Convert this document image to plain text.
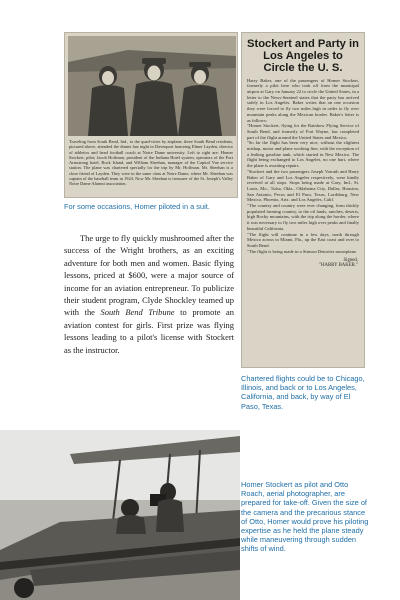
Traveling from South Bend, Ind., to the quad-cities by airplane, three South Bend residents, pictured above, attended the dinner last night in Davenport honoring Elmer Layden, director of athletics and head football coach at Notre Dame university. Left to right are: Homer Stockert, pilot; Jacob Hoffman, president of the Indiana Hotel system, operators of the Fort Armstrong hotel, Rock Island, and William Sheehan, manager of the Capitol Vue service station. The plane was chartered specially for the trip by Mr. Hoffman. Mr. Sheehan is a close friend of Layden. They were in the same class at Notre Dame, where Mr. Sheehan was captain of the baseball team in 1924. Now Mr. Sheehan is treasurer of the St. Joseph's Valley Notre Dame Alumni association.
Stockert and Party in Los Angeles to Circle the U. S.
Harry Baker, one of the passengers of Homer Stockert, formerly a pilot here who took off from the municipal airport at Gary on January 22 to circle the United States, in a letter to the News-Sentinel states that the party has arrived safely in Los Angeles. Baker writes that on one occasion they were forced to fly two miles high in order to fly over mountain peaks along the Mexican border. Baker's letter is as follows:
"Homer Stockert, flying for the Rainbow Flying Service of South Bend, and formerly of Fort Wayne, has completed part of the flight around the United States and Mexico.
"So far the flight has been very nice, without the slightest mishap, motor and plane working fine, with the exception of a leaking gasoline tank, which started in New Mexico. The flight being exchanged to Los Angeles, no one hurt, where the plane is awaiting repairs.
"Stockert and the two passengers Joseph Vorrath and Harry Baker of Gary and Los Angeles respectively, were kindly received at all stops. Stops being made at Gary, Ind., St. Louis, Mo., Tulsa, Okla., Oklahoma City, Dallas, Houston, San Antonio, Pecos and El Paso, Texas, Lordsburg, New Mexico, Phoenix, Ariz. and Los Angeles, Calif.
"The country and country were ever changing, from thickly populated farming country, to the oil lands, ranches, deserts, high Rocky mountains, with the trip along the border, where it was necessary to fly two miles high over peaks and finally beautiful California.
"The flight will continue in a few days, north through Mexico across to Miami, Fla., up the East coast and over to South Bend.
"The flight is being made in a Stinson Detroiter monoplane.
Signed,
"HARRY BAKER."
For some occasions, Homer piloted in a suit.

The urge to fly quickly mushroomed after the success of the Wright brothers, as an exciting adventure for both men and women. Basic flying lessons, priced at $600, were a major source of income for an aviation entrepreneur. To publicize their student program, Clyde Shockley teamed up with the South Bend Tribune to promote an aviation contest for girls. First prize was flying lessons leading to a pilot's license with Stockert as the instructor.

Chartered flights could be to Chicago, Illinois, and back or to Los Angeles, California, and back, by way of El Paso, Texas.
Homer Stockert as pilot and Otto Roach, aerial photographer, are prepared for take-off. Given the size of the camera and the precarious stance of Otto, Homer would prove his piloting expertise as he held the plane steady while maneuvering through sudden shifts of wind.
